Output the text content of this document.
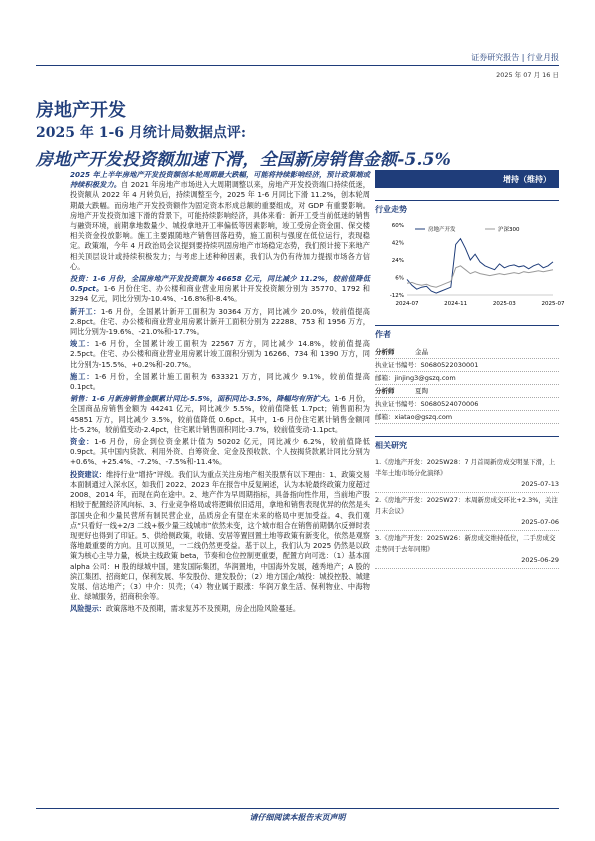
证券研究报告 | 行业月报
2025 年 07 月 16 日
房地产开发
2025 年 1-6 月统计局数据点评:
房地产开发投资额加速下滑，全国新房销售金额-5.5%

2025 年上半年房地产开发投资额创本轮周期最大跌幅，可能将持续影响经济，预计政策端或持续积极发力。自 2021 年房地产市场进入大周期调整以来，房地产开发投资端口持续低迷，投资额从 2022 年 4 月转负后，持续调整至今，2025 年 1-6 月同比下滑 11.2%，创本轮周期最大跌幅。而房地产开发投资额作为固定资本形成总额的重要组成，对 GDP 有重要影响。房地产开发投资加速下滑的背景下，可能持续影响经济，具体来看：新开工受当前低迷的销售与融资环境，前期拿地数量少、城投拿地开工率偏低等因素影响，竣工受房企资金面、保交楼相关资金投放影响。施工主要跟随地产销售回落趋势，施工面积与强度在低位运行，表现稳定。政策端，今年 4 月政治局会议提到要持续巩固房地产市场稳定态势，我们预计接下来地产相关顶层设计或持续积极发力；与考虑上述种种因素，我们认为仍有待加力提振市场各方信心。

投资：1-6 月份，全国房地产开发投资额为 46658 亿元，同比减少 11.2%，较前值降低 0.5pct。1-6 月份住宅、办公楼和商业营业用房累计开发投资额分别为 35770、1792 和 3294 亿元，同比分别为-10.4%、-16.8%和-8.4%。

新开工：1-6 月份，全国累计新开工面积为 30364 万方，同比减少 20.0%，较前值提高 2.8pct。住宅、办公楼和商业营业用房累计新开工面积分别为 22288、753 和 1956 万方，同比分别为-19.6%、-21.0%和-17.7%。

竣工：1-6 月份，全国累计竣工面积为 22567 万方，同比减少 14.8%，较前值提高 2.5pct。住宅、办公楼和商业营业用房累计竣工面积分别为 16266、734 和 1390 万方，同比分别为-15.5%、+0.2%和-20.7%。

施工：1-6 月份，全国累计施工面积为 633321 万方，同比减少 9.1%，较前值提高 0.1pct。

销售：1-6 月新房销售金额累计同比-5.5%，面积同比-3.5%，降幅均有所扩大。1-6 月份，全国商品房销售金额为 44241 亿元，同比减少 5.5%，较前值降低 1.7pct；销售面积为 45851 万方，同比减少 3.5%，较前值降低 0.6pct。其中，1-6 月份住宅累计销售金额同比-5.2%，较前值变动-2.4pct，住宅累计销售面积同比-3.7%，较前值变动-1.1pct。

资金：1-6 月份，房企到位资金累计值为 50202 亿元，同比减少 6.2%，较前值降低 0.9pct。其中国内贷款、利用外资、自筹资金、定金及预收款、个人按揭贷款累计同比分别为+0.6%、+25.4%、-7.2%、-7.5%和-11.4%。

投资建议：维持行业“增持”评级。我们认为重点关注房地产相关股票有以下理由：1、政策交易本面制通过入深水区，如我们 2022、2023 年在报告中反复阐述，认为本轮最终政策力度超过 2008、2014 年，而现在尚在途中。2、地产作为早周期指标，具备指向性作用，当前地产股相较于配置经济风向标、3、行业竞争格局或将逻辑依旧适用，拿地和销售表现优异的依然是头部国央企和少量民营所有制民营企业，品质房企有望在未来的格局中更加受益。4、我们观点“只看好一线+2/3 二线+极少量三线城市”依然未变，这个城市组合在销售前期偶尔反弹时表现更好也得到了印证。5、供给侧政策，收储、安居等置回置土地等政策有新变化，依然是观察落地最重要的方向。且可以预见，一二线仍然更受益。基于以上，我们认为 2025 仍然是以政策为核心主导力量，板块主线政策 beta，节奏和仓位控制更重要，配置方向可选：（1）基本面 alpha 公司：H 股的绿城中国，建发国际集团，华润置地，中国海外发展，越秀地产；A 股的滨江集团、招商蛇口，保利发展、华发股份、建发股份；（2）地方国企/城投：城投控股、城建发展、信达地产；（3）中介：贝壳；（4）物业属于跟涨：华润万象生活、保利物业、中海物业、绿城服务，招商积余等。

风险提示：政策落地不及预期，需求复苏不及预期，房企出险风险蔓延。

增持（维持）
行业走势
60%
42%
24%
6%
-12%
2024-07	2024-11	2025-03	2025-07
房地产开发	沪深300
作者
分析师	金晶
执业证书编号：S0680522030001
邮箱：jinjing3@gszq.com
分析师	夏陶
执业证书编号：S0680524070006
邮箱：xiatao@gszq.com
相关研究
1.《房地产开发：2025W28：7 月首周新房成交明显下滑，上半年土地市场分化演绎》
2025-07-13
2.《房地产开发：2025W27：本周新房成交环比+2.3%，关注月末会议》
2025-07-06
3.《房地产开发：2025W26：新房成交维持低位，二手房成交走势同于去年同期》
2025-06-29
请仔细阅读本报告末页声明
